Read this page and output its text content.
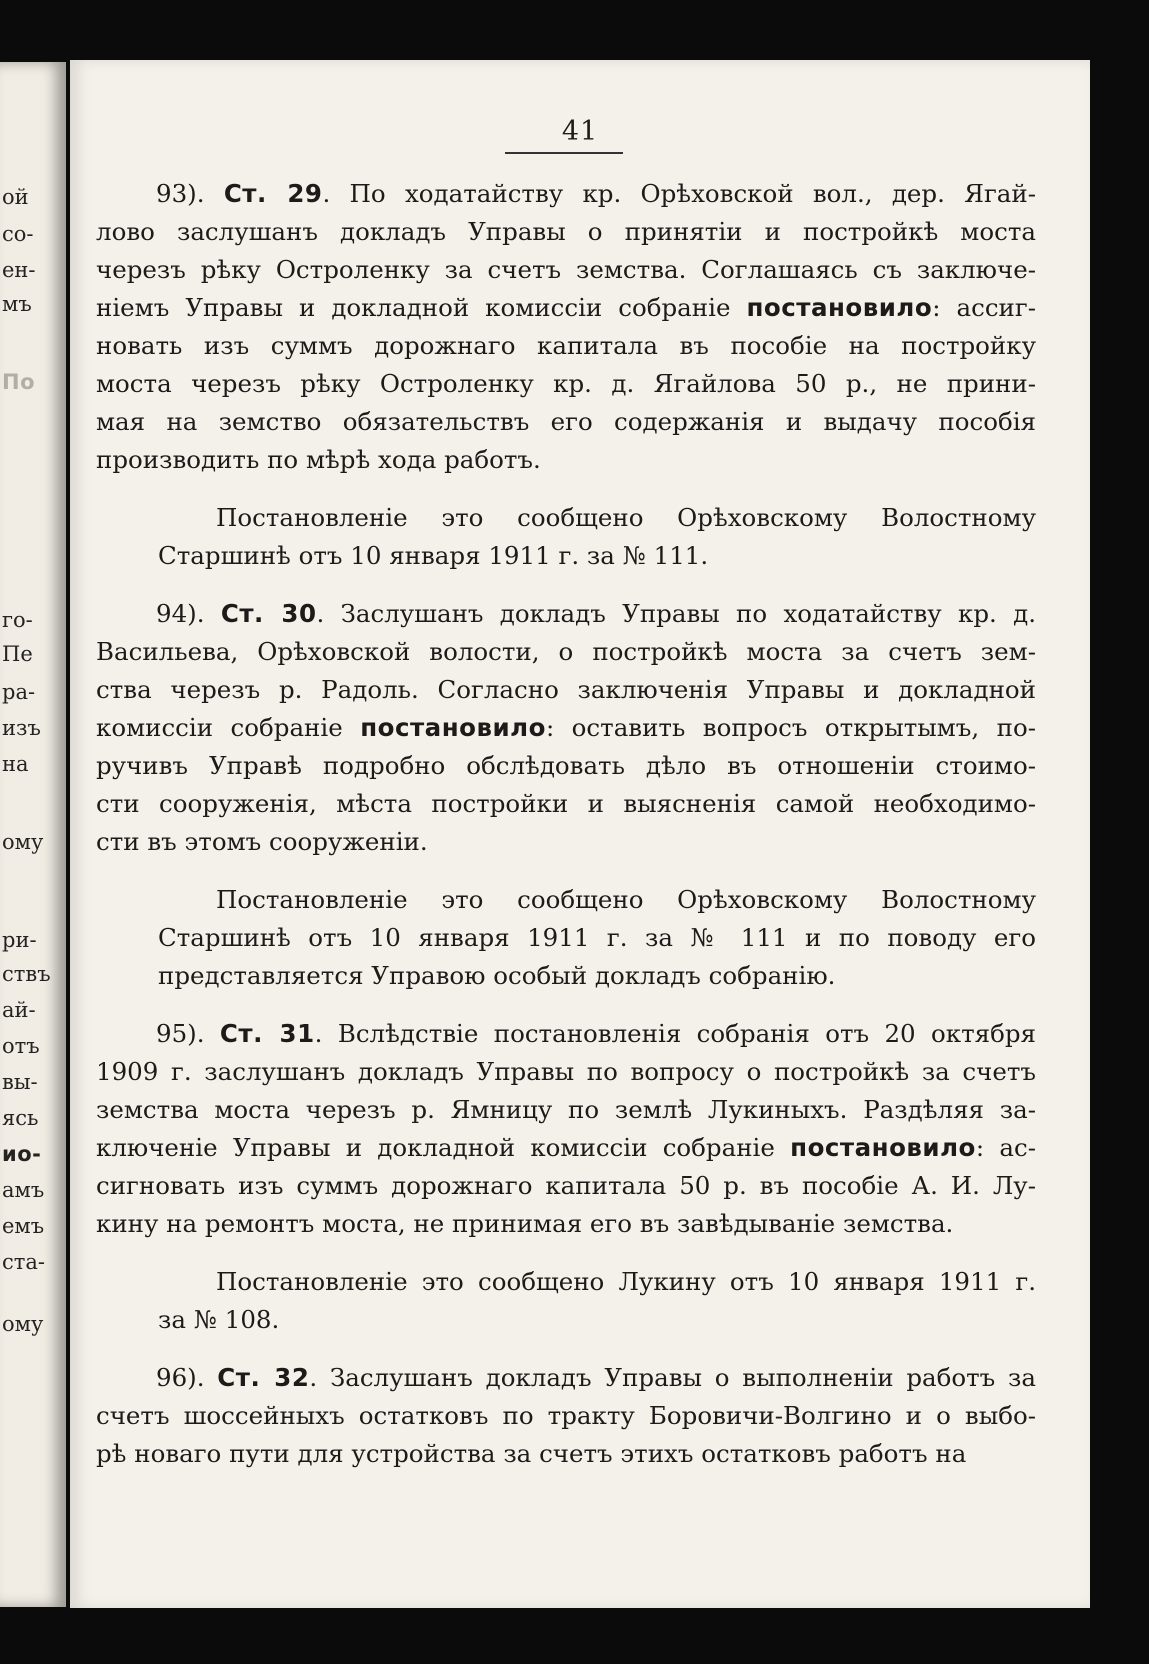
ой
со-
ен-
мъ
По
го-
Пе
ра-
изъ
на
ому
ри-
ствъ
ай-
отъ
вы-
ясь
ио-
амъ
емъ
ста-
ому
41
93). Ст. 29. По ходатайству кр. Орѣховской вол., дер. Ягай-
лово заслушанъ докладъ Управы о принятіи и постройкѣ моста
черезъ рѣку Остроленку за счетъ земства. Соглашаясь съ заключе-
ніемъ Управы и докладной комиссіи собраніе постановило: ассиг-
новать изъ суммъ дорожнаго капитала въ пособіе на постройку
моста черезъ рѣку Остроленку кр. д. Ягайлова 50 р., не прини-
мая на земство обязательствъ его содержанія и выдачу пособія
производить по мѣрѣ хода работъ.
Постановленіе это сообщено Орѣховскому Волостному
Старшинѣ отъ 10 января 1911 г. за № 111.
94). Ст. 30. Заслушанъ докладъ Управы по ходатайству кр. д.
Васильева, Орѣховской волости, о постройкѣ моста за счетъ зем-
ства черезъ р. Радоль. Согласно заключенія Управы и докладной
комиссіи собраніе постановило: оставить вопросъ открытымъ, по-
ручивъ Управѣ подробно обслѣдовать дѣло въ отношеніи стоимо-
сти сооруженія, мѣста постройки и выясненія самой необходимо-
сти въ этомъ сооруженіи.
Постановленіе это сообщено Орѣховскому Волостному
Старшинѣ отъ 10 января 1911 г. за № 111 и по поводу его
представляется Управою особый докладъ собранію.
95). Ст. 31. Вслѣдствіе постановленія собранія отъ 20 октября
1909 г. заслушанъ докладъ Управы по вопросу о постройкѣ за счетъ
земства моста черезъ р. Ямницу по землѣ Лукиныхъ. Раздѣляя за-
ключеніе Управы и докладной комиссіи собраніе постановило: ас-
сигновать изъ суммъ дорожнаго капитала 50 р. въ пособіе А. И. Лу-
кину на ремонтъ моста, не принимая его въ завѣдываніе земства.
Постановленіе это сообщено Лукину отъ 10 января 1911 г.
за № 108.
96). Ст. 32. Заслушанъ докладъ Управы о выполненіи работъ за
счетъ шоссейныхъ остатковъ по тракту Боровичи-Волгино и о выбо-
рѣ новаго пути для устройства за счетъ этихъ остатковъ работъ на
